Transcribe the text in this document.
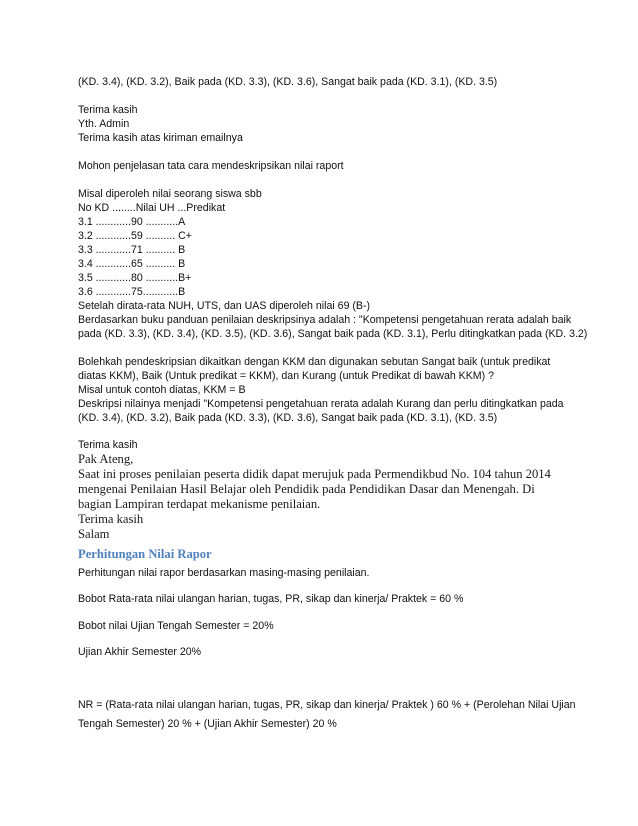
(KD. 3.4), (KD. 3.2), Baik pada (KD. 3.3), (KD. 3.6), Sangat baik pada (KD. 3.1), (KD. 3.5)

Terima kasih

Yth. Admin

Terima kasih atas kiriman emailnya

Mohon penjelasan tata cara mendeskripsikan nilai raport

Misal diperoleh nilai seorang siswa sbb

No KD ........Nilai UH ...Predikat

3.1 ............90 ...........A

3.2 ............59 .......... C+

3.3 ............71 .......... B

3.4 ............65 .......... B

3.5 ............80 ...........B+

3.6 ............75............B

Setelah dirata-rata NUH, UTS, dan UAS diperoleh nilai 69 (B-)

Berdasarkan buku panduan penilaian deskripsinya adalah : "Kompetensi pengetahuan rerata adalah baik

pada (KD. 3.3), (KD. 3.4), (KD. 3.5), (KD. 3.6), Sangat baik pada (KD. 3.1), Perlu ditingkatkan pada (KD. 3.2)

Bolehkah pendeskripsian dikaitkan dengan KKM dan digunakan sebutan Sangat baik (untuk predikat

diatas KKM), Baik (Untuk predikat = KKM), dan Kurang (untuk Predikat di bawah KKM) ?

Misal untuk contoh diatas, KKM = B

Deskripsi nilainya menjadi "Kompetensi pengetahuan rerata adalah Kurang dan perlu ditingkatkan pada

(KD. 3.4), (KD. 3.2), Baik pada (KD. 3.3), (KD. 3.6), Sangat baik pada (KD. 3.1), (KD. 3.5)

Terima kasih

Pak Ateng,

Saat ini proses penilaian peserta didik dapat merujuk pada Permendikbud No. 104 tahun 2014

mengenai Penilaian Hasil Belajar oleh Pendidik pada Pendidikan Dasar dan Menengah. Di

bagian Lampiran terdapat mekanisme penilaian.

Terima kasih

Salam

Perhitungan Nilai Rapor

Perhitungan nilai rapor berdasarkan masing-masing penilaian.

Bobot Rata-rata nilai ulangan harian, tugas, PR, sikap dan kinerja/ Praktek = 60 %

Bobot nilai Ujian Tengah Semester = 20%

Ujian Akhir Semester 20%

NR = (Rata-rata nilai ulangan harian, tugas, PR, sikap dan kinerja/ Praktek ) 60 % + (Perolehan Nilai Ujian

Tengah Semester) 20 % + (Ujian Akhir Semester) 20 %
